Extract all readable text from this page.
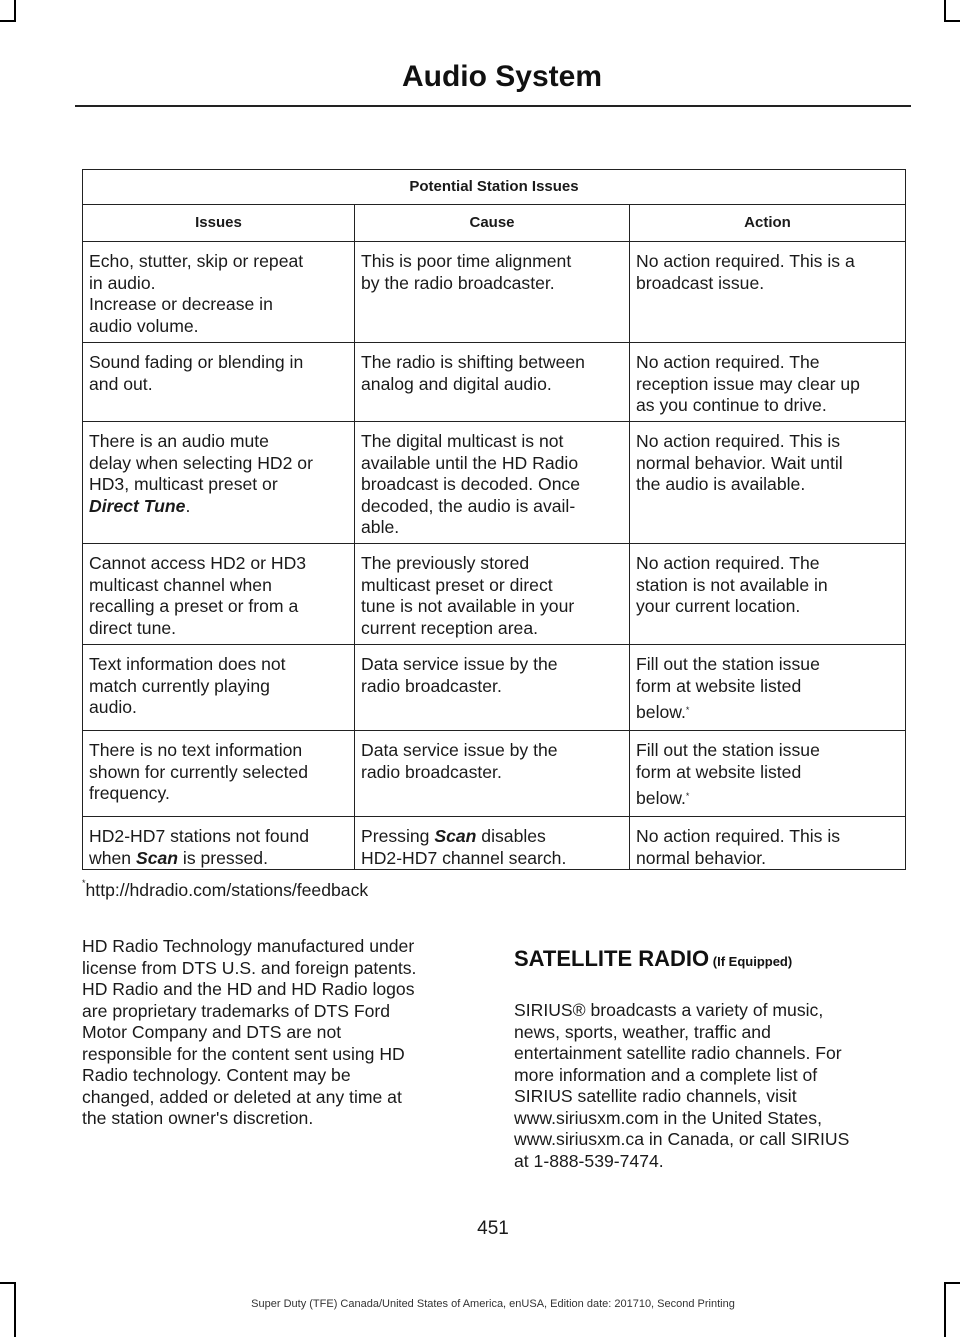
Audio System
Potential Station Issues		
Issues	Cause	Action

Echo, stutter, skip or repeat
in audio.
Increase or decrease in
audio volume.	This is poor time alignment
by the radio broadcaster.	No action required. This is a
broadcast issue.

Sound fading or blending in
and out.	The radio is shifting between
analog and digital audio.	No action required. The
reception issue may clear up
as you continue to drive.

There is an audio mute
delay when selecting HD2 or
HD3, multicast preset or
Direct Tune.	The digital multicast is not
available until the HD Radio
broadcast is decoded. Once
decoded, the audio is avail-
able.	No action required. This is
normal behavior. Wait until
the audio is available.

Cannot access HD2 or HD3
multicast channel when
recalling a preset or from a
direct tune.	The previously stored
multicast preset or direct
tune is not available in your
current reception area.	No action required. The
station is not available in
your current location.

Text information does not
match currently playing
audio.	Data service issue by the
radio broadcaster.	Fill out the station issue
form at website listed
below.*

There is no text information
shown for currently selected
frequency.	Data service issue by the
radio broadcaster.	Fill out the station issue
form at website listed
below.*

HD2-HD7 stations not found
when Scan is pressed.	Pressing Scan disables
HD2-HD7 channel search.	No action required. This is
normal behavior.
*http://hdradio.com/stations/feedback
HD Radio Technology manufactured under
license from DTS U.S. and foreign patents.
HD Radio and the HD and HD Radio logos
are proprietary trademarks of DTS Ford
Motor Company and DTS are not
responsible for the content sent using HD
Radio technology. Content may be
changed, added or deleted at any time at
the station owner's discretion.
SATELLITE RADIO (If Equipped)
SIRIUS® broadcasts a variety of music,
news, sports, weather, traffic and
entertainment satellite radio channels. For
more information and a complete list of
SIRIUS satellite radio channels, visit
www.siriusxm.com in the United States,
www.siriusxm.ca in Canada, or call SIRIUS
at 1-888-539-7474.
451
Super Duty (TFE) Canada/United States of America, enUSA, Edition date: 201710, Second Printing
